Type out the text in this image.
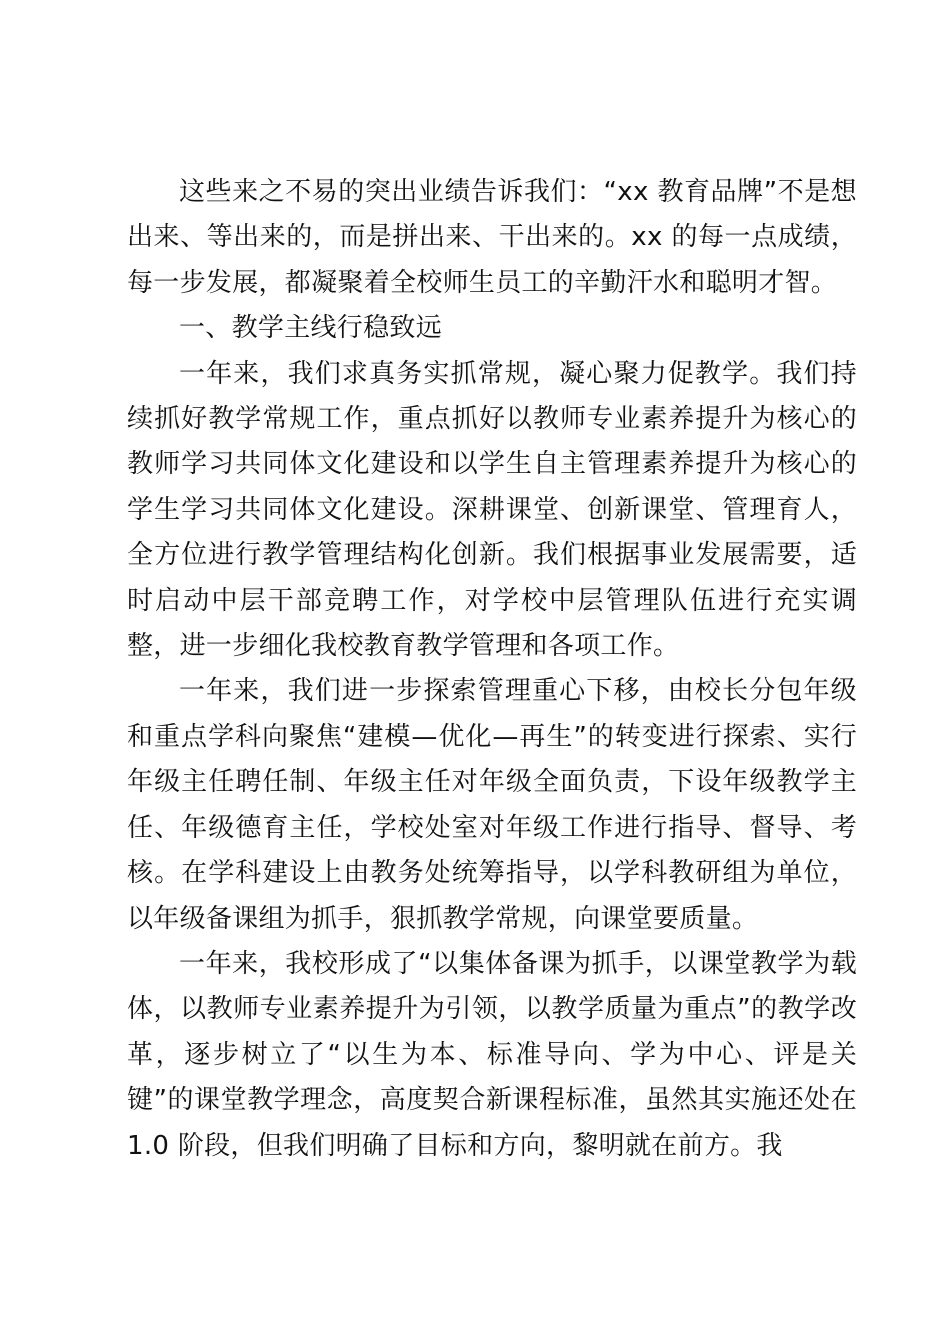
这些来之不易的突出业绩告诉我们：“xx 教育品牌”不是想出来、等出来的，而是拼出来、干出来的。xx 的每一点成绩，每一步发展，都凝聚着全校师生员工的辛勤汗水和聪明才智。

一、教学主线行稳致远

一年来，我们求真务实抓常规，凝心聚力促教学。我们持续抓好教学常规工作，重点抓好以教师专业素养提升为核心的教师学习共同体文化建设和以学生自主管理素养提升为核心的学生学习共同体文化建设。深耕课堂、创新课堂、管理育人，全方位进行教学管理结构化创新。我们根据事业发展需要，适时启动中层干部竞聘工作，对学校中层管理队伍进行充实调整，进一步细化我校教育教学管理和各项工作。

一年来，我们进一步探索管理重心下移，由校长分包年级和重点学科向聚焦“建模—优化—再生”的转变进行探索、实行年级主任聘任制、年级主任对年级全面负责，下设年级教学主任、年级德育主任，学校处室对年级工作进行指导、督导、考核。在学科建设上由教务处统筹指导，以学科教研组为单位，以年级备课组为抓手，狠抓教学常规，向课堂要质量。

一年来，我校形成了“以集体备课为抓手，以课堂教学为载体，以教师专业素养提升为引领，以教学质量为重点”的教学改革，逐步树立了“以生为本、标准导向、学为中心、评是关键”的课堂教学理念，高度契合新课程标准，虽然其实施还处在 1.0 阶段，但我们明确了目标和方向，黎明就在前方。我
